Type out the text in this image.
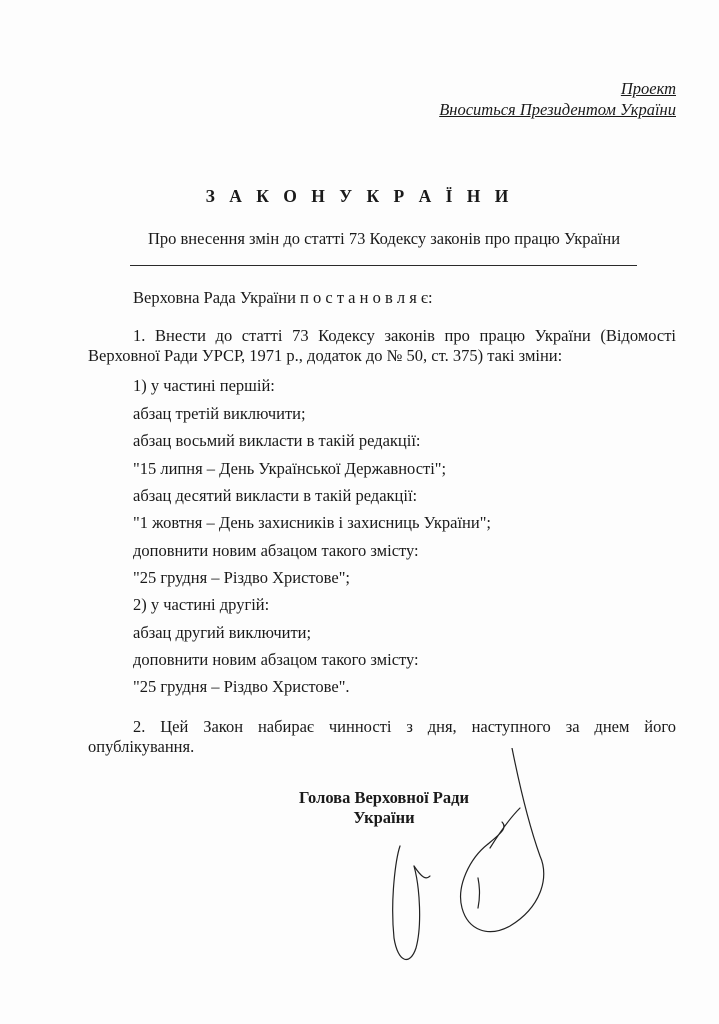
Проект
Вноситься Президентом України
З А К О Н У К Р А Ї Н И
Про внесення змін до статті 73 Кодексу законів про працю України
Верховна Рада України п о с т а н о в л я є:
1. Внести до статті 73 Кодексу законів про працю України (Відомості Верховної Ради УРСР, 1971 р., додаток до № 50, ст. 375) такі зміни:
1) у частині першій:
абзац третій виключити;
абзац восьмий викласти в такій редакції:
"15 липня – День Української Державності";
абзац десятий викласти в такій редакції:
"1 жовтня – День захисників і захисниць України";
доповнити новим абзацом такого змісту:
"25 грудня – Різдво Христове";
2) у частині другій:
абзац другий виключити;
доповнити новим абзацом такого змісту:
"25 грудня – Різдво Христове".
2. Цей Закон набирає чинності з дня, наступного за днем його опублікування.
Голова Верховної Ради
України
